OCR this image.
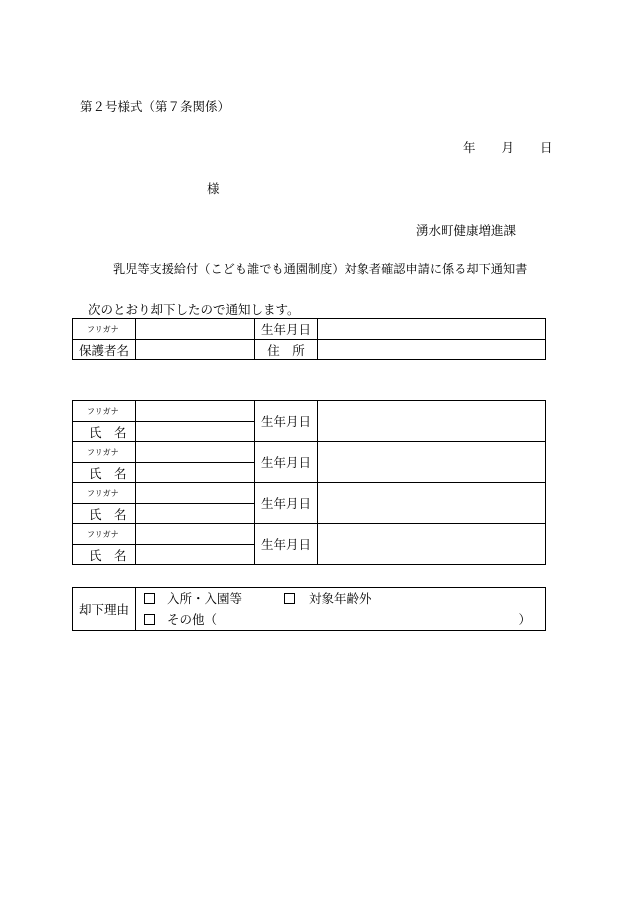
第２号様式（第７条関係）
年 月 日
様
湧水町健康増進課
乳児等支援給付（こども誰でも通園制度）対象者確認申請に係る却下通知書
次のとおり却下したので通知します。
フリガナ		生年月日	
保護者名		住　所	
フリガナ		生年月日	
氏　名			
フリガナ		生年月日	
氏　名			
フリガナ		生年月日	
氏　名			
フリガナ		生年月日	
氏　名			
却下理由	
入所・入園等	対象年齢外
その他（	）
